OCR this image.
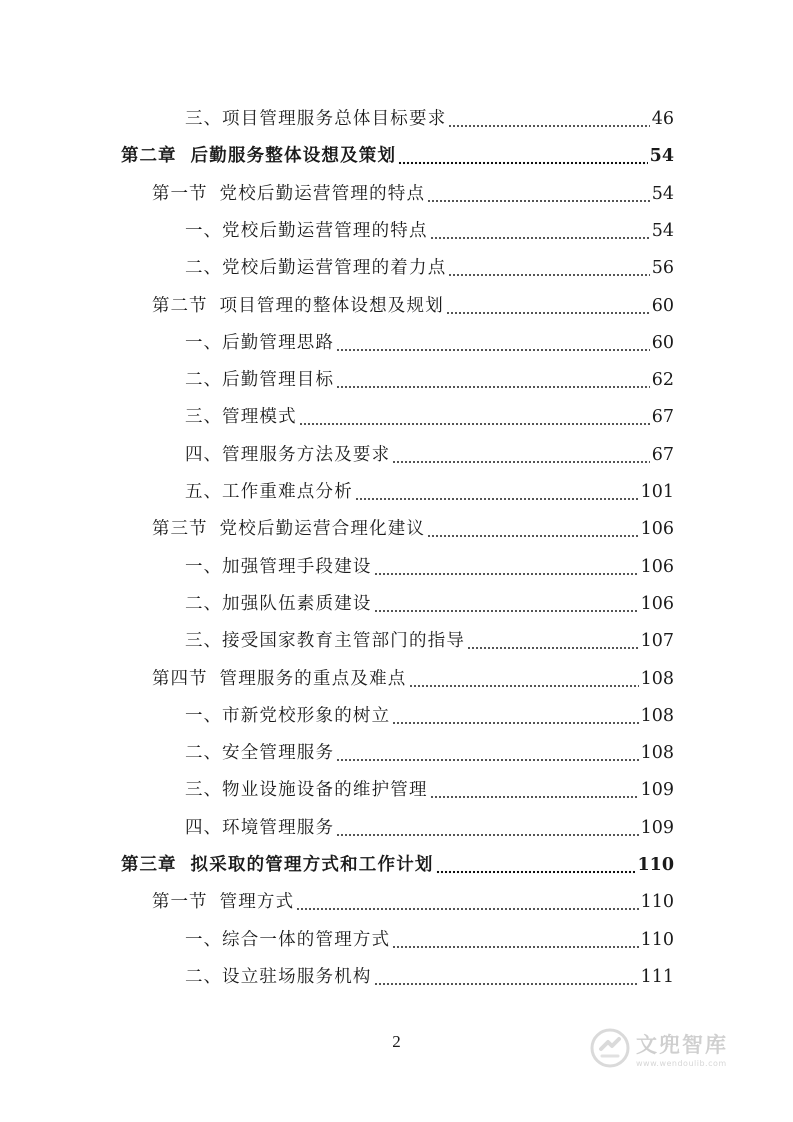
三、 项目管理服务总体目标要求	46
第二章 后勤服务整体设想及策划	54
第一节 党校后勤运营管理的特点	54
一、 党校后勤运营管理的特点	54
二、 党校后勤运营管理的着力点	56
第二节 项目管理的整体设想及规划	60
一、 后勤管理思路	60
二、 后勤管理目标	62
三、 管理模式	67
四、 管理服务方法及要求	67
五、 工作重难点分析	101
第三节 党校后勤运营合理化建议	106
一、 加强管理手段建设	106
二、 加强队伍素质建设	106
三、 接受国家教育主管部门的指导	107
第四节 管理服务的重点及难点	108
一、 市新党校形象的树立	108
二、 安全管理服务	108
三、 物业设施设备的维护管理	109
四、 环境管理服务	109
第三章 拟采取的管理方式和工作计划	110
第一节 管理方式	110
一、 综合一体的管理方式	110
二、 设立驻场服务机构	111
2	文兜智库
www.wendoulib.com
